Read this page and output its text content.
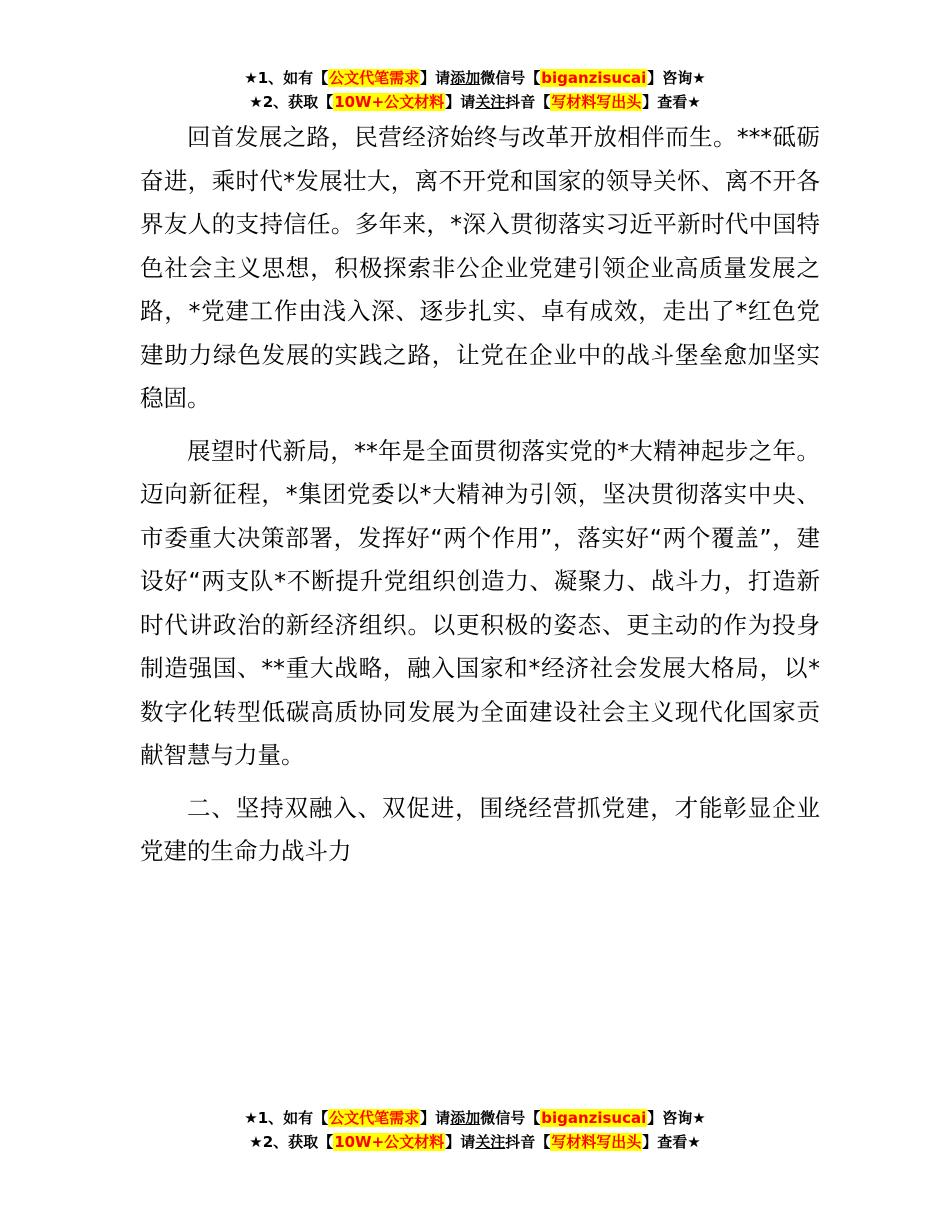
★1、如有【公文代笔需求】请添加微信号【biganzisucai】咨询★
★2、获取【10W+公文材料】请关注抖音【写材料写出头】查看★

回首发展之路，民营经济始终与改革开放相伴而生。***砥砺奋进，乘时代*发展壮大，离不开党和国家的领导关怀、离不开各界友人的支持信任。多年来，*深入贯彻落实习近平新时代中国特色社会主义思想，积极探索非公企业党建引领企业高质量发展之路，*党建工作由浅入深、逐步扎实、卓有成效，走出了*红色党建助力绿色发展的实践之路，让党在企业中的战斗堡垒愈加坚实稳固。

展望时代新局，**年是全面贯彻落实党的*大精神起步之年。迈向新征程，*集团党委以*大精神为引领，坚决贯彻落实中央、市委重大决策部署，发挥好“两个作用”，落实好“两个覆盖”，建设好“两支队*不断提升党组织创造力、凝聚力、战斗力，打造新时代讲政治的新经济组织。以更积极的姿态、更主动的作为投身制造强国、**重大战略，融入国家和*经济社会发展大格局，以*数字化转型低碳高质协同发展为全面建设社会主义现代化国家贡献智慧与力量。

二、坚持双融入、双促进，围绕经营抓党建，才能彰显企业党建的生命力战斗力

★1、如有【公文代笔需求】请添加微信号【biganzisucai】咨询★
★2、获取【10W+公文材料】请关注抖音【写材料写出头】查看★
